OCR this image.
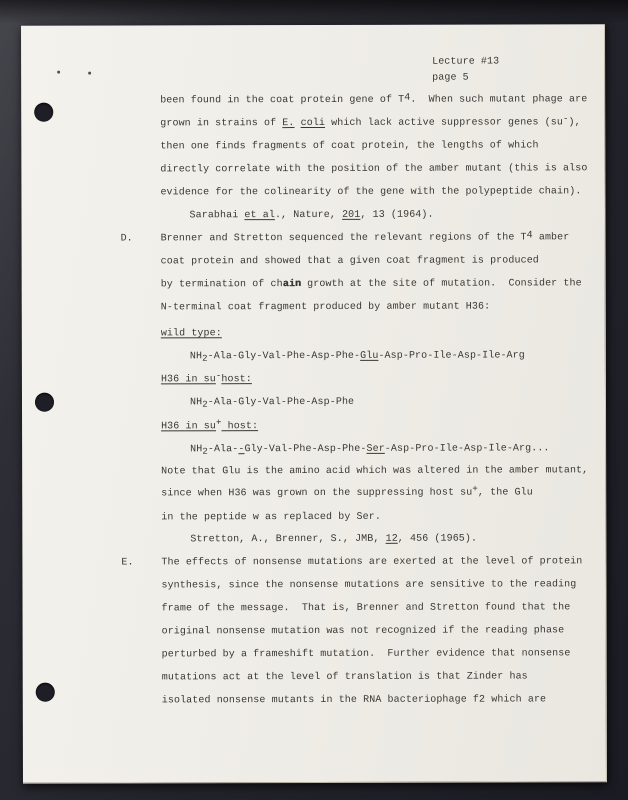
Lecture #13
page 5
been found in the coat protein gene of T4.  When such mutant phage are
grown in strains of E. coli which lack active suppressor genes (su-),
then one finds fragments of coat protein, the lengths of which
directly correlate with the position of the amber mutant (this is also
evidence for the colinearity of the gene with the polypeptide chain).
Sarabhai et al., Nature, 201, 13 (1964).
D.	Brenner and Stretton sequenced the relevant regions of the T4 amber
coat protein and showed that a given coat fragment is produced
by termination of chain growth at the site of mutation.  Consider the
N-terminal coat fragment produced by amber mutant H36:
wild type:
NH2-Ala-Gly-Val-Phe-Asp-Phe-Glu-Asp-Pro-Ile-Asp-Ile-Arg
H36 in su-host:
NH2-Ala-Gly-Val-Phe-Asp-Phe
H36 in su+ host:
NH2-Ala--Gly-Val-Phe-Asp-Phe-Ser-Asp-Pro-Ile-Asp-Ile-Arg...
Note that Glu is the amino acid which was altered in the amber mutant,
since when H36 was grown on the suppressing host su+, the Glu
in the peptide w as replaced by Ser.
Stretton, A., Brenner, S., JMB, 12, 456 (1965).
E.	The effects of nonsense mutations are exerted at the level of protein
synthesis, since the nonsense mutations are sensitive to the reading
frame of the message.  That is, Brenner and Stretton found that the
original nonsense mutation was not recognized if the reading phase
perturbed by a frameshift mutation.  Further evidence that nonsense
mutations act at the level of translation is that Zinder has
isolated nonsense mutants in the RNA bacteriophage f2 which are
